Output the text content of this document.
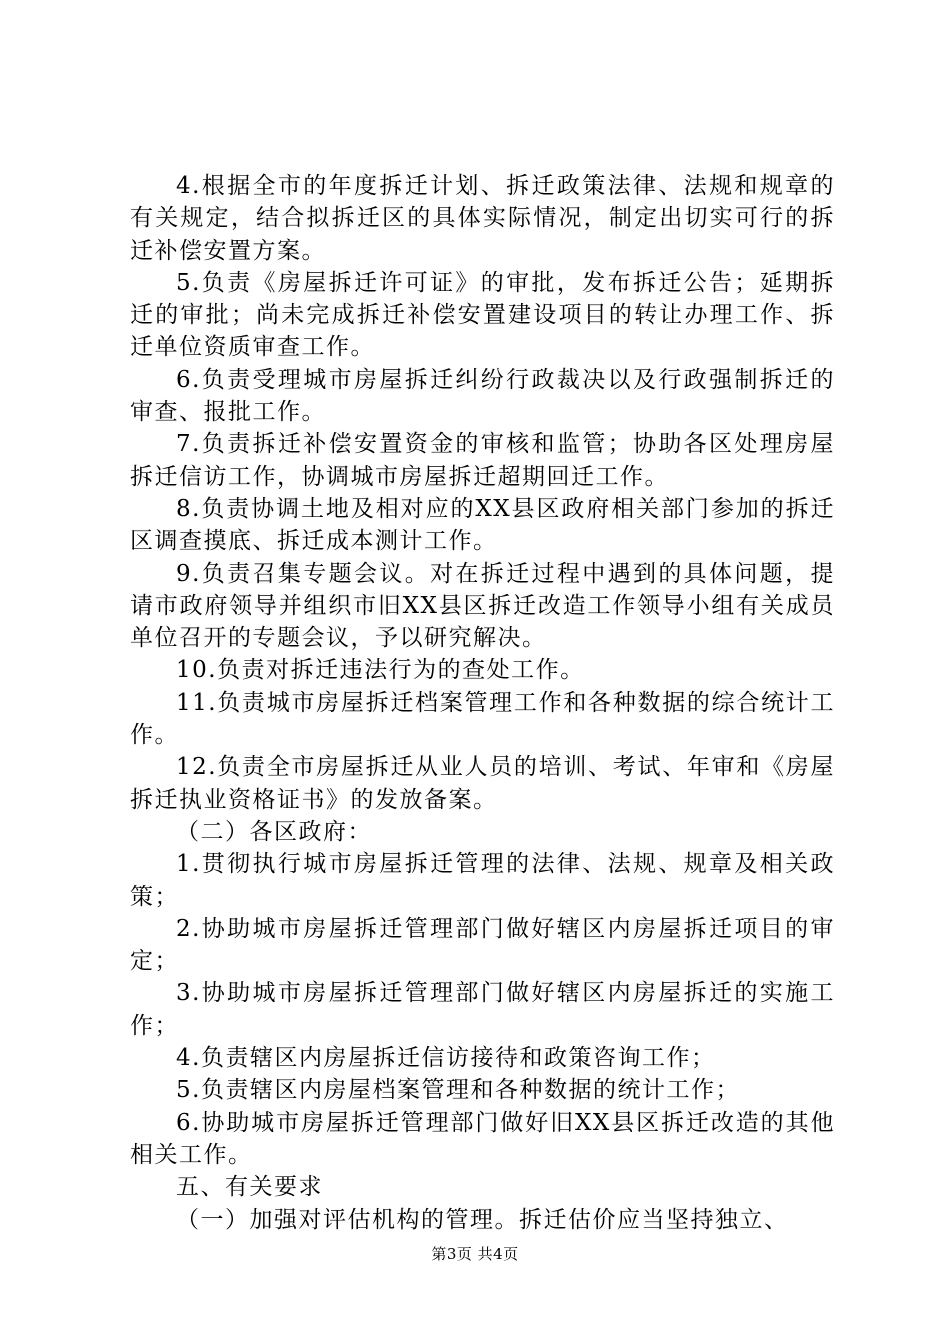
4.根据全市的年度拆迁计划、拆迁政策法律、法规和规章的有关规定，结合拟拆迁区的具体实际情况，制定出切实可行的拆迁补偿安置方案。

5.负责《房屋拆迁许可证》的审批，发布拆迁公告；延期拆迁的审批；尚未完成拆迁补偿安置建设项目的转让办理工作、拆迁单位资质审查工作。

6.负责受理城市房屋拆迁纠纷行政裁决以及行政强制拆迁的审查、报批工作。

7.负责拆迁补偿安置资金的审核和监管；协助各区处理房屋拆迁信访工作，协调城市房屋拆迁超期回迁工作。

8.负责协调土地及相对应的XX县区政府相关部门参加的拆迁区调查摸底、拆迁成本测计工作。

9.负责召集专题会议。对在拆迁过程中遇到的具体问题，提请市政府领导并组织市旧XX县区拆迁改造工作领导小组有关成员单位召开的专题会议，予以研究解决。

10.负责对拆迁违法行为的查处工作。

11.负责城市房屋拆迁档案管理工作和各种数据的综合统计工作。

12.负责全市房屋拆迁从业人员的培训、考试、年审和《房屋拆迁执业资格证书》的发放备案。

（二）各区政府：

1.贯彻执行城市房屋拆迁管理的法律、法规、规章及相关政策；

2.协助城市房屋拆迁管理部门做好辖区内房屋拆迁项目的审定；

3.协助城市房屋拆迁管理部门做好辖区内房屋拆迁的实施工作；

4.负责辖区内房屋拆迁信访接待和政策咨询工作；

5.负责辖区内房屋档案管理和各种数据的统计工作；

6.协助城市房屋拆迁管理部门做好旧XX县区拆迁改造的其他相关工作。

五、有关要求

（一）加强对评估机构的管理。拆迁估价应当坚持独立、

第3页 共4页
